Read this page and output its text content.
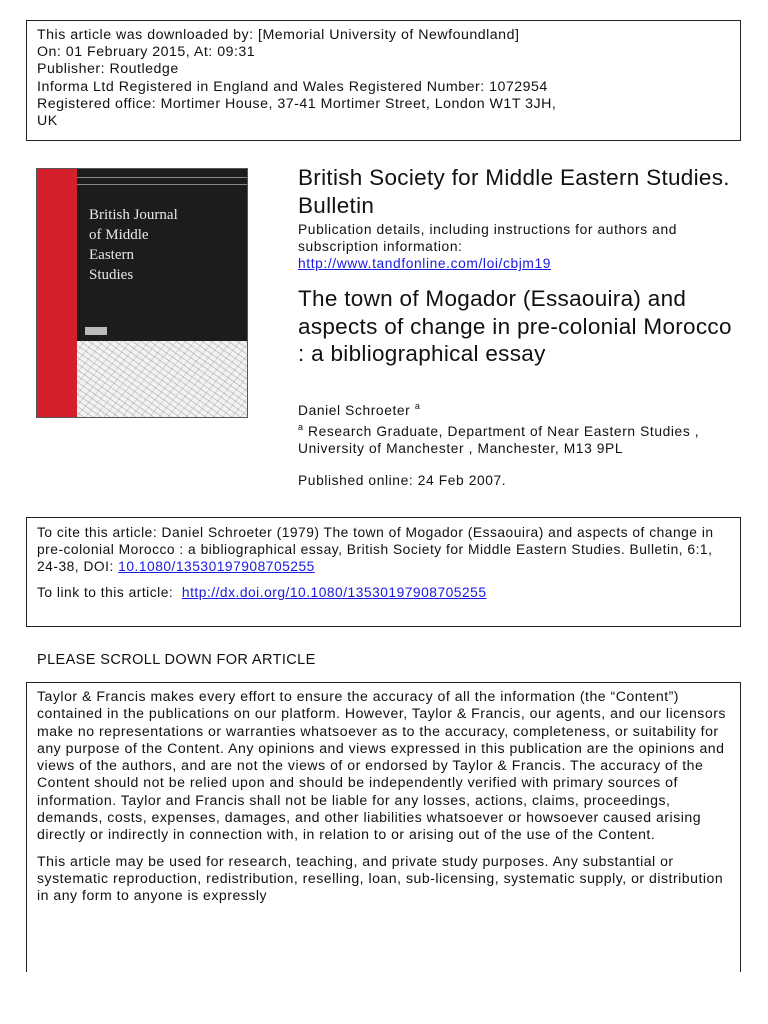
This article was downloaded by: [Memorial University of Newfoundland]
On: 01 February 2015, At: 09:31
Publisher: Routledge
Informa Ltd Registered in England and Wales Registered Number: 1072954
Registered office: Mortimer House, 37-41 Mortimer Street, London W1T 3JH,
UK
British Journal
of Middle
Eastern
Studies
British Society for Middle Eastern Studies. Bulletin
Publication details, including instructions for authors and subscription information:
http://www.tandfonline.com/loi/cbjm19
The town of Mogador (Essaouira) and aspects of change in pre-colonial Morocco : a bibliographical essay
Daniel Schroeter $^a$
$^a$ Research Graduate, Department of Near Eastern Studies , University of Manchester , Manchester, M13 9PL
Published online: 24 Feb 2007.

To cite this article: Daniel Schroeter (1979) The town of Mogador (Essaouira) and aspects of change in pre-colonial Morocco : a bibliographical essay, British Society for Middle Eastern Studies. Bulletin, 6:1, 24-38, DOI: 10.1080/13530197908705255

To link to this article: http://dx.doi.org/10.1080/13530197908705255

PLEASE SCROLL DOWN FOR ARTICLE

Taylor & Francis makes every effort to ensure the accuracy of all the information (the “Content”) contained in the publications on our platform. However, Taylor & Francis, our agents, and our licensors make no representations or warranties whatsoever as to the accuracy, completeness, or suitability for any purpose of the Content. Any opinions and views expressed in this publication are the opinions and views of the authors, and are not the views of or endorsed by Taylor & Francis. The accuracy of the Content should not be relied upon and should be independently verified with primary sources of information. Taylor and Francis shall not be liable for any losses, actions, claims, proceedings, demands, costs, expenses, damages, and other liabilities whatsoever or howsoever caused arising directly or indirectly in connection with, in relation to or arising out of the use of the Content.

This article may be used for research, teaching, and private study purposes. Any substantial or systematic reproduction, redistribution, reselling, loan, sub-licensing, systematic supply, or distribution in any form to anyone is expressly
